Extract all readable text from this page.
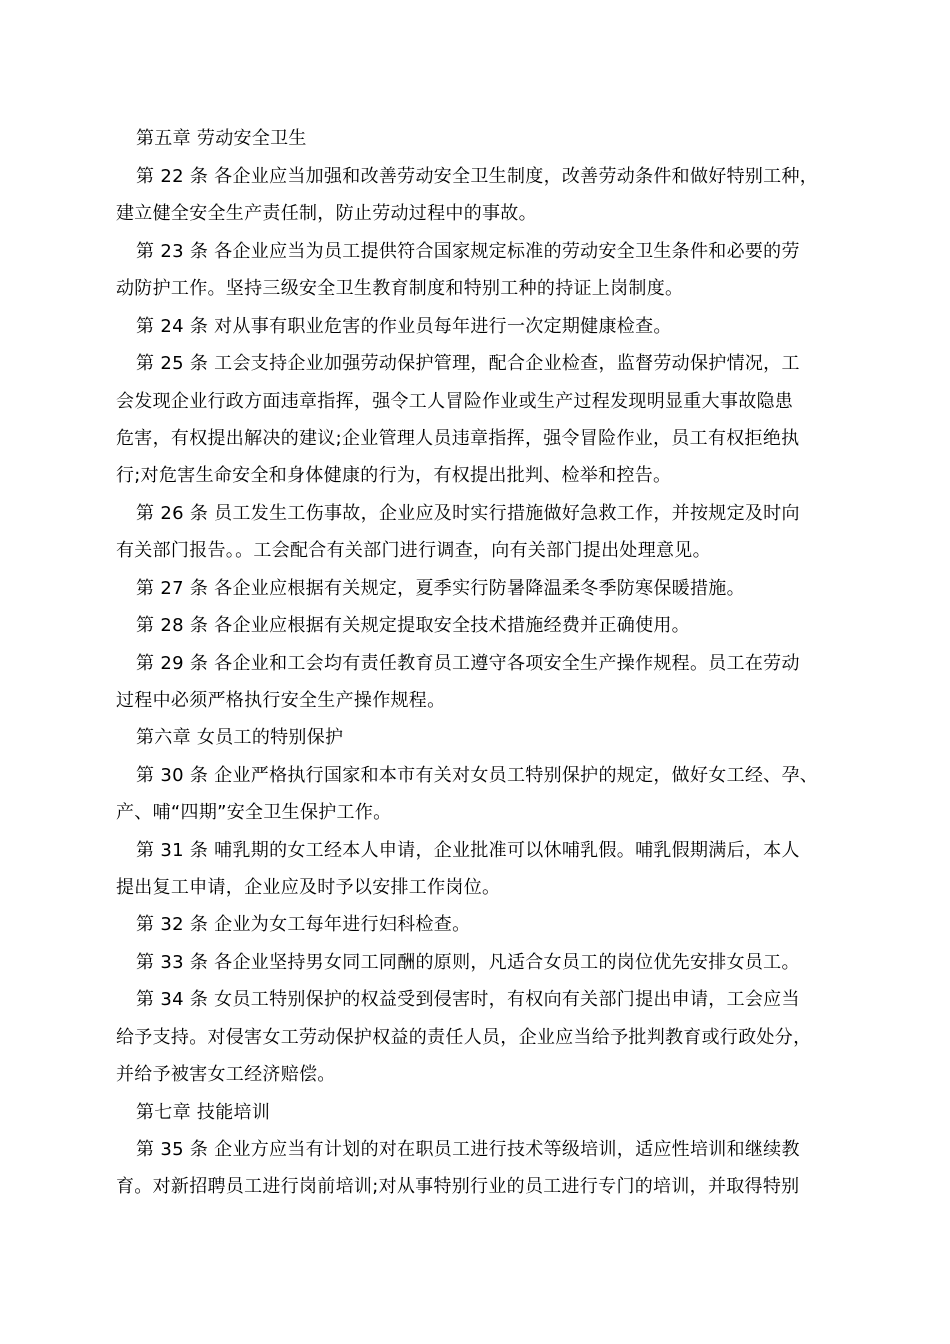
第五章 劳动安全卫生
第 22 条 各企业应当加强和改善劳动安全卫生制度，改善劳动条件和做好特别工种，
建立健全安全生产责任制，防止劳动过程中的事故。
第 23 条 各企业应当为员工提供符合国家规定标准的劳动安全卫生条件和必要的劳
动防护工作。坚持三级安全卫生教育制度和特别工种的持证上岗制度。
第 24 条 对从事有职业危害的作业员每年进行一次定期健康检查。
第 25 条 工会支持企业加强劳动保护管理，配合企业检查，监督劳动保护情况，工
会发现企业行政方面违章指挥，强令工人冒险作业或生产过程发现明显重大事故隐患
危害，有权提出解决的建议;企业管理人员违章指挥，强令冒险作业，员工有权拒绝执
行;对危害生命安全和身体健康的行为，有权提出批判、检举和控告。
第 26 条 员工发生工伤事故，企业应及时实行措施做好急救工作，并按规定及时向
有关部门报告。。工会配合有关部门进行调查，向有关部门提出处理意见。
第 27 条 各企业应根据有关规定，夏季实行防暑降温柔冬季防寒保暖措施。
第 28 条 各企业应根据有关规定提取安全技术措施经费并正确使用。
第 29 条 各企业和工会均有责任教育员工遵守各项安全生产操作规程。员工在劳动
过程中必须严格执行安全生产操作规程。
第六章 女员工的特别保护
第 30 条 企业严格执行国家和本市有关对女员工特别保护的规定，做好女工经、孕、
产、哺“四期”安全卫生保护工作。
第 31 条 哺乳期的女工经本人申请，企业批准可以休哺乳假。哺乳假期满后，本人
提出复工申请，企业应及时予以安排工作岗位。
第 32 条 企业为女工每年进行妇科检查。
第 33 条 各企业坚持男女同工同酬的原则，凡适合女员工的岗位优先安排女员工。
第 34 条 女员工特别保护的权益受到侵害时，有权向有关部门提出申请，工会应当
给予支持。对侵害女工劳动保护权益的责任人员，企业应当给予批判教育或行政处分，
并给予被害女工经济赔偿。
第七章 技能培训
第 35 条 企业方应当有计划的对在职员工进行技术等级培训，适应性培训和继续教
育。对新招聘员工进行岗前培训;对从事特别行业的员工进行专门的培训，并取得特别
